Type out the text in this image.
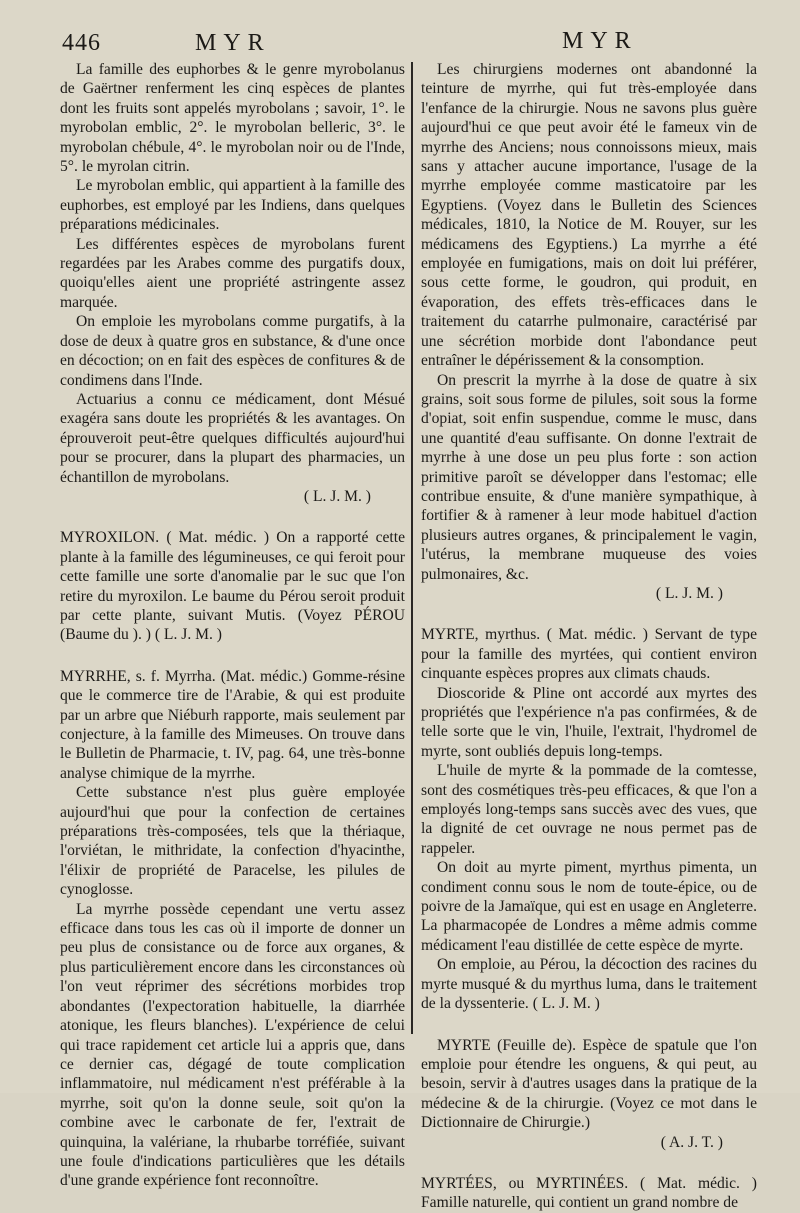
446	MYR	MYR

La famille des euphorbes & le genre myrobolanus de Gaërtner renferment les cinq espèces de plantes dont les fruits sont appelés myrobolans ; savoir, 1°. le myrobolan emblic, 2°. le myrobolan belleric, 3°. le myrobolan chébule, 4°. le myrobolan noir ou de l'Inde, 5°. le myrolan citrin.

Le myrobolan emblic, qui appartient à la famille des euphorbes, est employé par les Indiens, dans quelques préparations médicinales.

Les différentes espèces de myrobolans furent regardées par les Arabes comme des purgatifs doux, quoiqu'elles aient une propriété astringente assez marquée.

On emploie les myrobolans comme purgatifs, à la dose de deux à quatre gros en substance, & d'une once en décoction; on en fait des espèces de confitures & de condimens dans l'Inde.

Actuarius a connu ce médicament, dont Mésué exagéra sans doute les propriétés & les avantages. On éprouveroit peut-être quelques difficultés aujourd'hui pour se procurer, dans la plupart des pharmacies, un échantillon de myrobolans.

( L. J. M. )

MYROXILON. ( Mat. médic. ) On a rapporté cette plante à la famille des légumineuses, ce qui feroit pour cette famille une sorte d'anomalie par le suc que l'on retire du myroxilon. Le baume du Pérou seroit produit par cette plante, suivant Mutis. (Voyez PÉROU (Baume du ). ) ( L. J. M. )

MYRRHE, s. f. Myrrha. (Mat. médic.) Gomme-résine que le commerce tire de l'Arabie, & qui est produite par un arbre que Niéburh rapporte, mais seulement par conjecture, à la famille des Mimeuses. On trouve dans le Bulletin de Pharmacie, t. IV, pag. 64, une très-bonne analyse chimique de la myrrhe.

Cette substance n'est plus guère employée aujourd'hui que pour la confection de certaines préparations très-composées, tels que la thériaque, l'orviétan, le mithridate, la confection d'hyacinthe, l'élixir de propriété de Paracelse, les pilules de cynoglosse.

La myrrhe possède cependant une vertu assez efficace dans tous les cas où il importe de donner un peu plus de consistance ou de force aux organes, & plus particulièrement encore dans les circonstances où l'on veut réprimer des sécrétions morbides trop abondantes (l'expectoration habituelle, la diarrhée atonique, les fleurs blanches). L'expérience de celui qui trace rapidement cet article lui a appris que, dans ce dernier cas, dégagé de toute complication inflammatoire, nul médicament n'est préférable à la myrrhe, soit qu'on la donne seule, soit qu'on la combine avec le carbonate de fer, l'extrait de quinquina, la valériane, la rhubarbe torréfiée, suivant une foule d'indications particulières que les détails d'une grande expérience font reconnoître.

Les chirurgiens modernes ont abandonné la teinture de myrrhe, qui fut très-employée dans l'enfance de la chirurgie. Nous ne savons plus guère aujourd'hui ce que peut avoir été le fameux vin de myrrhe des Anciens; nous connoissons mieux, mais sans y attacher aucune importance, l'usage de la myrrhe employée comme masticatoire par les Egyptiens. (Voyez dans le Bulletin des Sciences médicales, 1810, la Notice de M. Rouyer, sur les médicamens des Egyptiens.) La myrrhe a été employée en fumigations, mais on doit lui préférer, sous cette forme, le goudron, qui produit, en évaporation, des effets très-efficaces dans le traitement du catarrhe pulmonaire, caractérisé par une sécrétion morbide dont l'abondance peut entraîner le dépérissement & la consomption.

On prescrit la myrrhe à la dose de quatre à six grains, soit sous forme de pilules, soit sous la forme d'opiat, soit enfin suspendue, comme le musc, dans une quantité d'eau suffisante. On donne l'extrait de myrrhe à une dose un peu plus forte : son action primitive paroît se développer dans l'estomac; elle contribue ensuite, & d'une manière sympathique, à fortifier & à ramener à leur mode habituel d'action plusieurs autres organes, & principalement le vagin, l'utérus, la membrane muqueuse des voies pulmonaires, &c.

( L. J. M. )

MYRTE, myrthus. ( Mat. médic. ) Servant de type pour la famille des myrtées, qui contient environ cinquante espèces propres aux climats chauds.

Dioscoride & Pline ont accordé aux myrtes des propriétés que l'expérience n'a pas confirmées, & de telle sorte que le vin, l'huile, l'extrait, l'hydromel de myrte, sont oubliés depuis long-temps.

L'huile de myrte & la pommade de la comtesse, sont des cosmétiques très-peu efficaces, & que l'on a employés long-temps sans succès avec des vues, que la dignité de cet ouvrage ne nous permet pas de rappeler.

On doit au myrte piment, myrthus pimenta, un condiment connu sous le nom de toute-épice, ou de poivre de la Jamaïque, qui est en usage en Angleterre. La pharmacopée de Londres a même admis comme médicament l'eau distillée de cette espèce de myrte.

On emploie, au Pérou, la décoction des racines du myrte musqué & du myrthus luma, dans le traitement de la dyssenterie. ( L. J. M. )

MYRTE (Feuille de). Espèce de spatule que l'on emploie pour étendre les onguens, & qui peut, au besoin, servir à d'autres usages dans la pratique de la médecine & de la chirurgie. (Voyez ce mot dans le Dictionnaire de Chirurgie.)

( A. J. T. )

MYRTÉES, ou MYRTINÉES. ( Mat. médic. ) Famille naturelle, qui contient un grand nombre de
